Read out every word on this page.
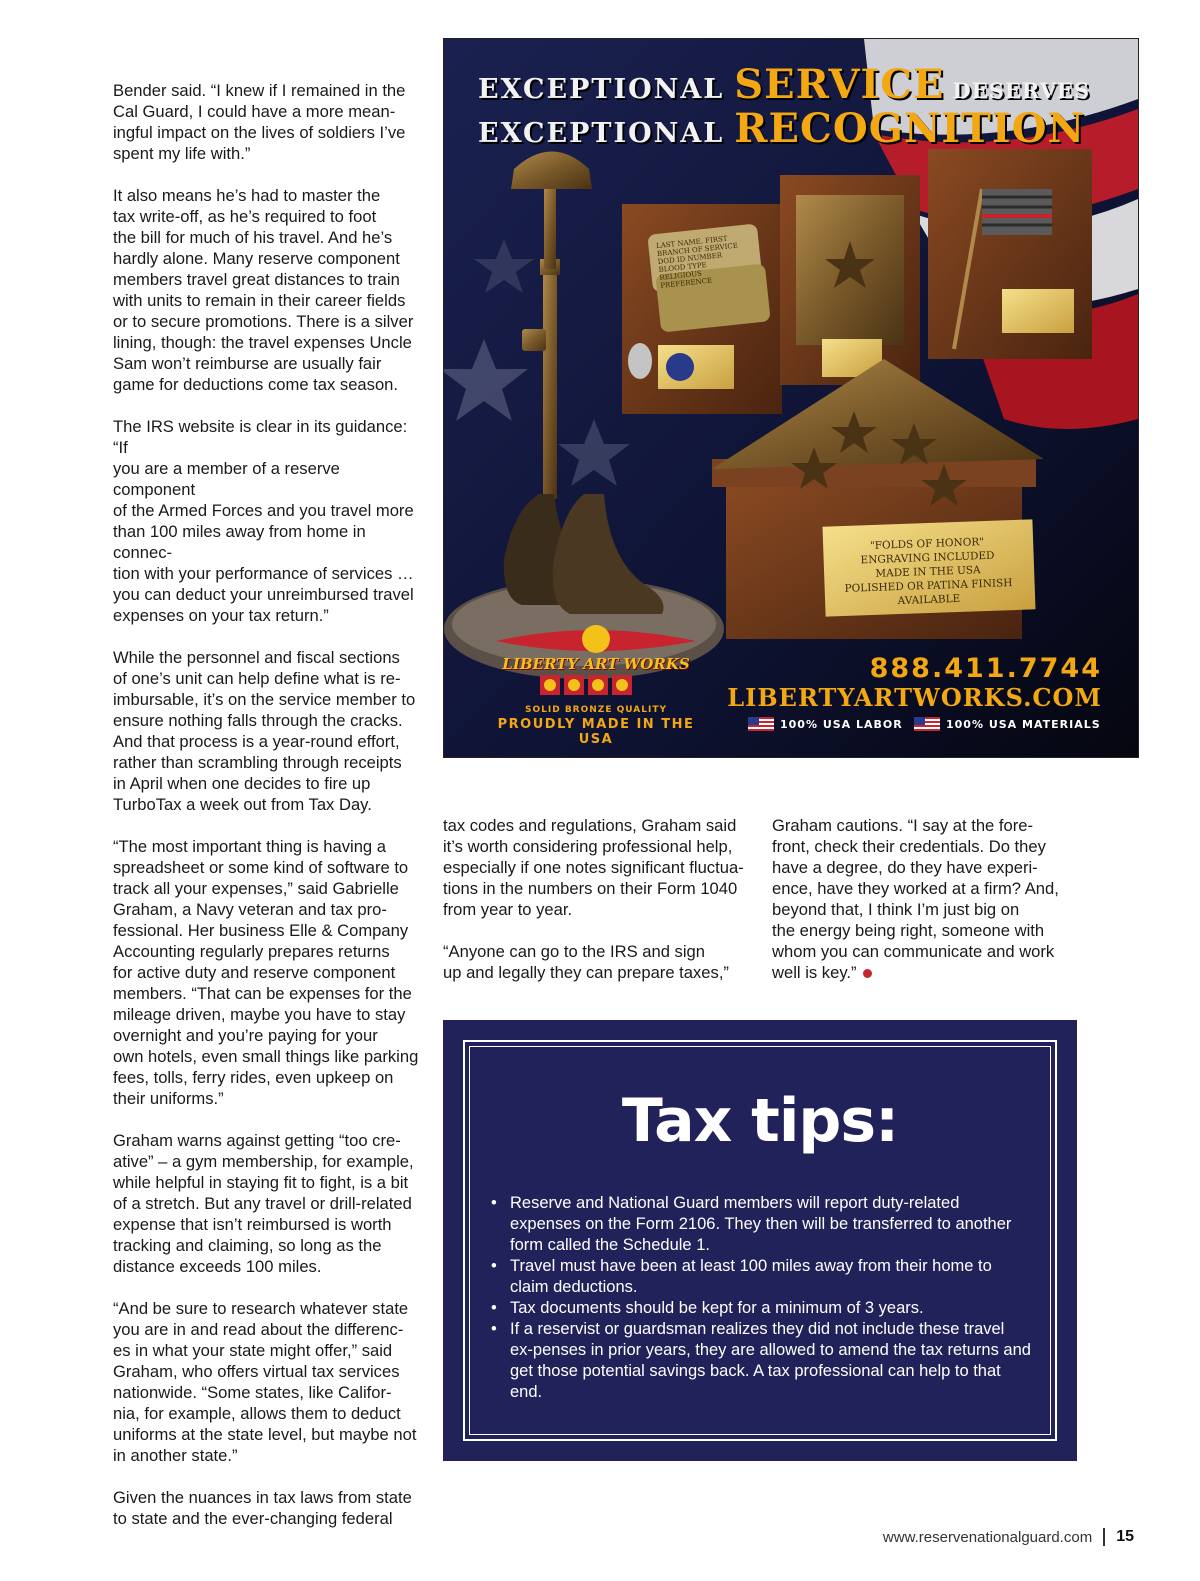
Bender said. “I knew if I remained in the
Cal Guard, I could have a more mean-
ingful impact on the lives of soldiers I’ve
spent my life with.”

It also means he’s had to master the
tax write-off, as he’s required to foot
the bill for much of his travel. And he’s
hardly alone. Many reserve component
members travel great distances to train
with units to remain in their career fields
or to secure promotions. There is a silver
lining, though: the travel expenses Uncle
Sam won’t reimburse are usually fair
game for deductions come tax season.

The IRS website is clear in its guidance: “If
you are a member of a reserve component
of the Armed Forces and you travel more
than 100 miles away from home in connec-
tion with your performance of services …
you can deduct your unreimbursed travel
expenses on your tax return.”

While the personnel and fiscal sections
of one’s unit can help define what is re-
imbursable, it’s on the service member to
ensure nothing falls through the cracks.
And that process is a year-round effort,
rather than scrambling through receipts
in April when one decides to fire up
TurboTax a week out from Tax Day.

“The most important thing is having a
spreadsheet or some kind of software to
track all your expenses,” said Gabrielle
Graham, a Navy veteran and tax pro-
fessional. Her business Elle & Company
Accounting regularly prepares returns
for active duty and reserve component
members. “That can be expenses for the
mileage driven, maybe you have to stay
overnight and you’re paying for your
own hotels, even small things like parking
fees, tolls, ferry rides, even upkeep on
their uniforms.”

Graham warns against getting “too cre-
ative” – a gym membership, for example,
while helpful in staying fit to fight, is a bit
of a stretch. But any travel or drill-related
expense that isn’t reimbursed is worth
tracking and claiming, so long as the
distance exceeds 100 miles.

“And be sure to research whatever state
you are in and read about the differenc-
es in what your state might offer,” said
Graham, who offers virtual tax services
nationwide. “Some states, like Califor-
nia, for example, allows them to deduct
uniforms at the state level, but maybe not
in another state.”

Given the nuances in tax laws from state
to state and the ever-changing federal

EXCEPTIONAL SERVICE DESERVES
EXCEPTIONAL RECOGNITION
LAST NAME, FIRST
BRANCH OF SERVICE
DOD ID NUMBER
BLOOD TYPE
RELIGIOUS PREFERENCE
"FOLDS OF HONOR"
ENGRAVING INCLUDED
MADE IN THE USA
POLISHED OR PATINA FINISH AVAILABLE
LIBERTY ART WORKS
SOLID BRONZE QUALITY
PROUDLY MADE IN THE USA
888.411.7744
LIBERTYARTWORKS.COM
100% USA LABOR	100% USA MATERIALS

tax codes and regulations, Graham said
it’s worth considering professional help,
especially if one notes significant fluctua-
tions in the numbers on their Form 1040
from year to year.

“Anyone can go to the IRS and sign
up and legally they can prepare taxes,”

Graham cautions. “I say at the fore-
front, check their credentials. Do they
have a degree, do they have experi-
ence, have they worked at a firm? And,
beyond that, I think I’m just big on
the energy being right, someone with
whom you can communicate and work
well is key.”

Tax tips:
• Reserve and National Guard members will report duty-related expenses on the Form 2106. They then will be transferred to another form called the Schedule 1.
• Travel must have been at least 100 miles away from their home to claim deductions.
• Tax documents should be kept for a minimum of 3 years.
• If a reservist or guardsman realizes they did not include these travel ex-penses in prior years, they are allowed to amend the tax returns and get those potential savings back. A tax professional can help to that end.
www.reservenationalguard.com 15
